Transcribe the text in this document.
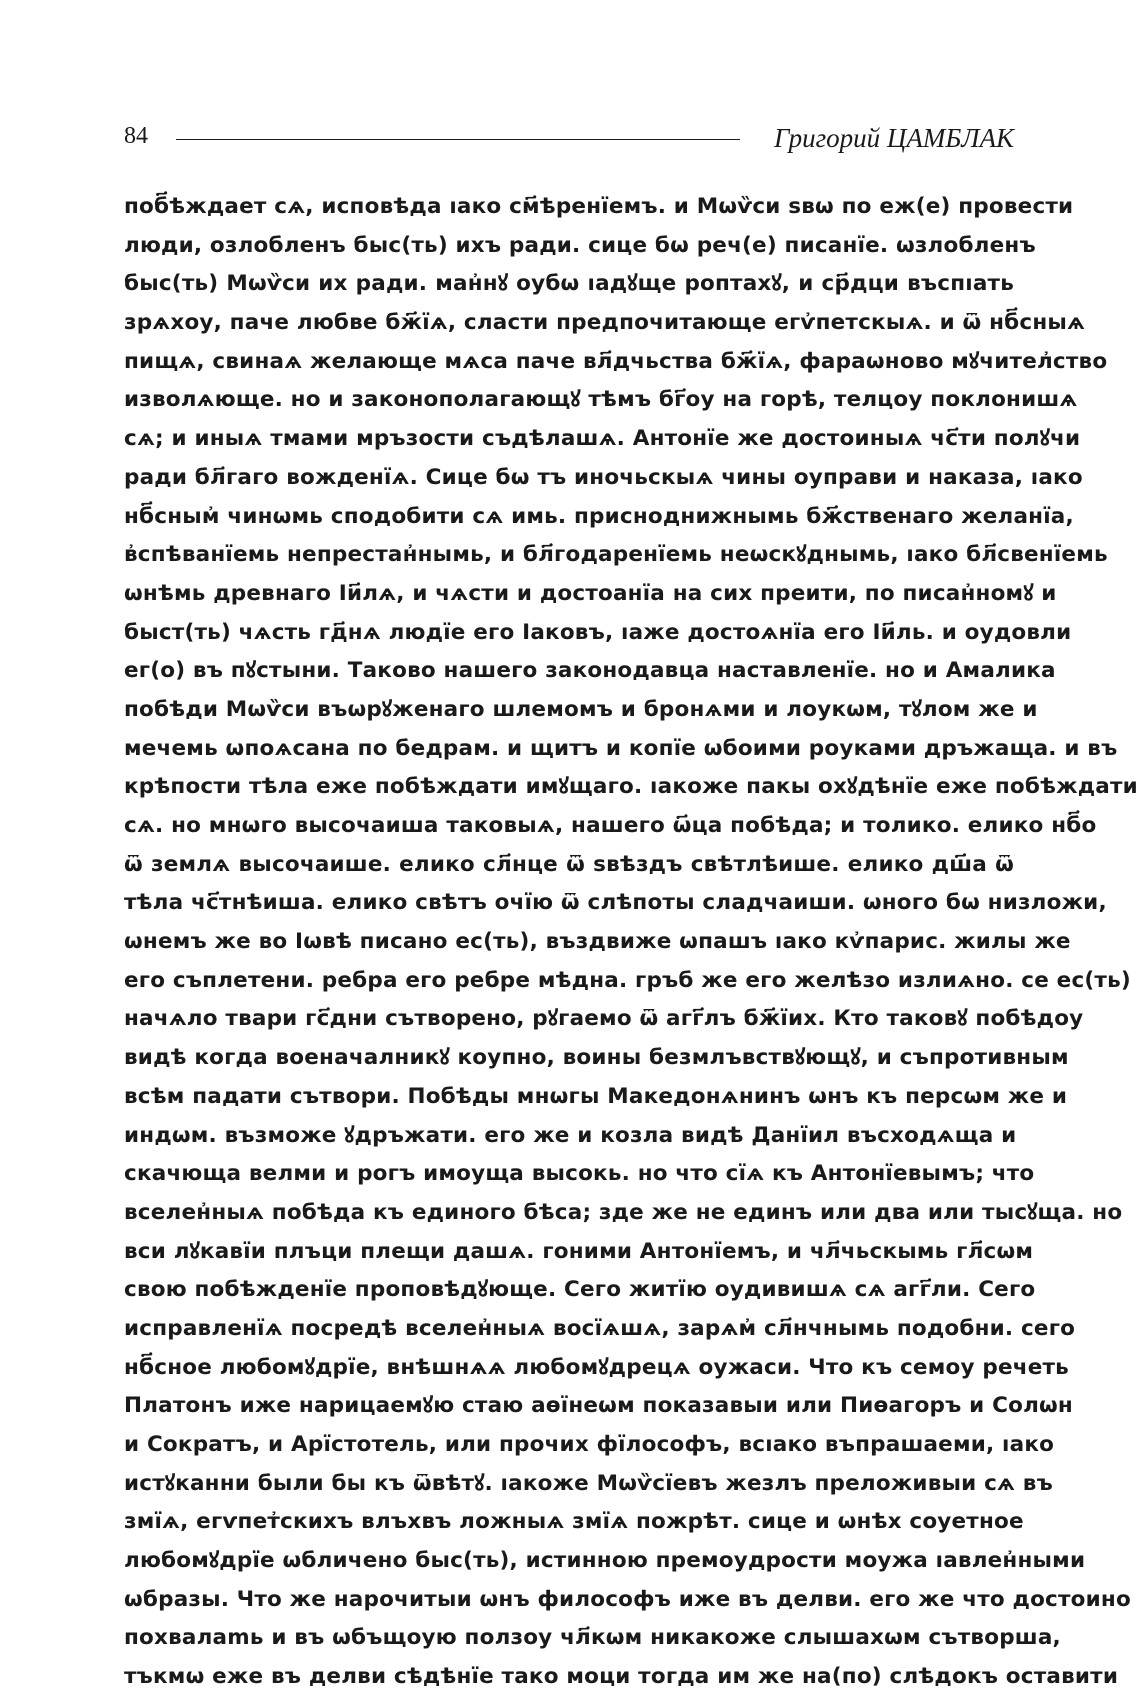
84	Григорий ЦАМБЛАК
поб҃ѣждает сѧ, исповѣда ıако см҃ѣренїемъ. и Мѡѷси ѕвѡ по еж(е) провести
люди, озлобленъ быс(ть) ихъ ради. сице бѡ реч(е) писанїе. ѡзлобленъ
быс(ть) Мѡѷси их ради. ман҆нꙋ оубѡ ıадꙋще роптахꙋ, и ср҃дци въспıать
зрѧхоу, паче любве бж҃їѧ, сласти предпочитающе егѵ҆петскыѧ. и ѿ нб҃сныѧ
пищѧ, свинаѧ желающе мѧса паче вл҃дчьства бж҃їѧ, фараѡново мꙋчител҆ство
изволѧюще. но и законополагающꙋ тѣмъ бг҃оу на горѣ, телцоу поклонишѧ
сѧ; и иныѧ тмами мръзости съдѣлашѧ. Антонїе же достоиныѧ чс҃ти полꙋчи
ради бл҃гаго вожденїѧ. Сице бѡ тъ иночьскыѧ чины оуправи и наказа, ıако
нб҃сным҆ чинѡмь сподобити сѧ имь. присноднижнымь бж҃ственаго желанїа,
в҆спѣванїемь непрестан҆нымь, и бл҃годаренїемь неѡскꙋднымь, ıако бл҃свенїемь
ѡнѣмь древнаго Іи҃лѧ, и чѧсти и достоанїа на сих преити, по писан҆номꙋ и
быст(ть) чѧсть гд҃нѧ людїе его Іаковъ, ıаже достоѧнїа его Іи҃ль. и оудовли
ег(о) въ пꙋстыни. Таково нашего законодавца наставленїе. но и Амалика
побѣди Мѡѷси въѡрꙋженаго шлемомъ и бронѧми и лоукѡм, тꙋлом же и
мечемь ѡпоѧсана по бедрам. и щитъ и копїе ѡбоими роуками дръжаща. и въ
крѣпости тѣла еже побѣждати имꙋщаго. ıакоже пакы охꙋдѣнїе еже побѣждати
сѧ. но мнѡго высочаиша таковыѧ, нашего ѡ҃ца побѣда; и толико. елико нб҃о
ѿ землѧ высочаише. елико сл҃нце ѿ ѕвѣздъ свѣтлѣише. елико дш҃а ѿ
тѣла чс҃тнѣиша. елико свѣтъ очїю ѿ слѣпоты сладчаиши. ѡного бѡ низложи,
ѡнемъ же во Іѡвѣ писано ес(ть), въздвиже ѡпашъ ıако кѵ҆парис. жилы же
его съплетени. ребра его ребре мѣдна. гръб же его желѣзо излиѧно. се ес(ть)
начѧло твари гс҃дни сътворено, рꙋгаемо ѿ агг҃лъ бж҃їих. Кто таковꙋ побѣдоу
видѣ когда военачалникꙋ коупно, воины безмлъвствꙋющꙋ, и съпротивным
всѣм падати сътвори. Побѣды мнѡгы Македонѧнинъ ѡнъ къ персѡм же и
индѡм. възможе ꙋдръжати. его же и козла видѣ Данїил въсходѧща и
скачюща велми и рогъ имоуща высокь. но что сїѧ къ Антонїевымъ; что
вселен҆ныѧ побѣда къ единого бѣса; зде же не единъ или два или тысꙋща. но
вси лꙋкавїи плъци плещи дашѧ. гоними Антонїемъ, и чл҃чьскымь гл҃сѡм
свою побѣжденїе проповѣдꙋюще. Сего житїю оудивишѧ сѧ агг҃ли. Сего
исправленїѧ посредѣ вселен҆ныѧ восїѧшѧ, зарѧм҆ сл҃нчнымь подобни. сего
нб҃сное любомꙋдрїе, внѣшнѧѧ любомꙋдрецѧ оужаси. Что къ семоу речеть
Платонъ иже нарицаемꙋю стаю аѳїнеѡм показавыи или Пиѳагоръ и Солѡн
и Сократъ, и Арїстотель, или прочих фїлософъ, всıако въпрашаеми, ıако
истꙋканни были бы къ ѿвѣтꙋ. ıакоже Мѡѷсїевъ жезлъ преложивыи сѧ въ
змїѧ, егѵпет҆скихъ влъхвъ ложныѧ змїѧ пожрѣт. сице и ѡнѣх соуетное
любомꙋдрїе ѡбличено быс(ть), истинною премоудрости моужа ıавлен҆ными
ѡбразы. Что же нарочитыи ѡнъ философъ иже въ делви. его же что достоино
похвалamь и въ ѡбъщоую ползоу чл҃кѡм никакоже слышахѡм сътворша,
тъкмѡ еже въ делви сѣдѣнїе тако моци тогда им же на(по) слѣдокъ оставити
